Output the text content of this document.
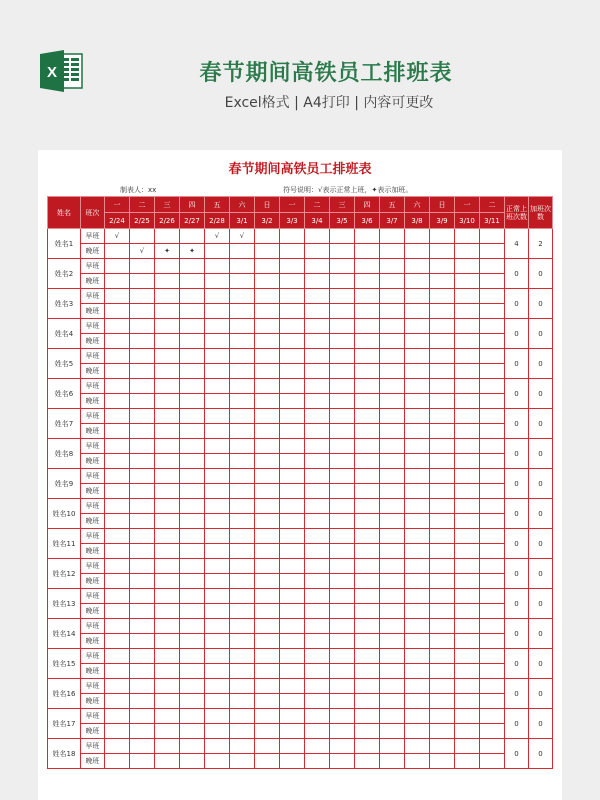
X	春节期间高铁员工排班表
Excel格式 | A4打印 | 内容可更改
春节期间高铁员工排班表
制表人：xx	符号说明：√表示正常上班，✦表示加班。
姓名	班次	一	二	三	四	五	六	日	一	二	三	四	五	六	日	一	二	正常上班次数	加班次数
		2/24	2/25	2/26	2/27	2/28	3/1	3/2	3/3	3/4	3/5	3/6	3/7	3/8	3/9	3/10	3/11		
姓名1	早班	√				√	√											4	2
	晚班		√	✦	✦														
姓名2	早班																	0	0
	晚班																		
姓名3	早班																	0	0
	晚班																		
姓名4	早班																	0	0
	晚班																		
姓名5	早班																	0	0
	晚班																		
姓名6	早班																	0	0
	晚班																		
姓名7	早班																	0	0
	晚班																		
姓名8	早班																	0	0
	晚班																		
姓名9	早班																	0	0
	晚班																		
姓名10	早班																	0	0
	晚班																		
姓名11	早班																	0	0
	晚班																		
姓名12	早班																	0	0
	晚班																		
姓名13	早班																	0	0
	晚班																		
姓名14	早班																	0	0
	晚班																		
姓名15	早班																	0	0
	晚班																		
姓名16	早班																	0	0
	晚班																		
姓名17	早班																	0	0
	晚班																		
姓名18	早班																	0	0
	晚班																		
